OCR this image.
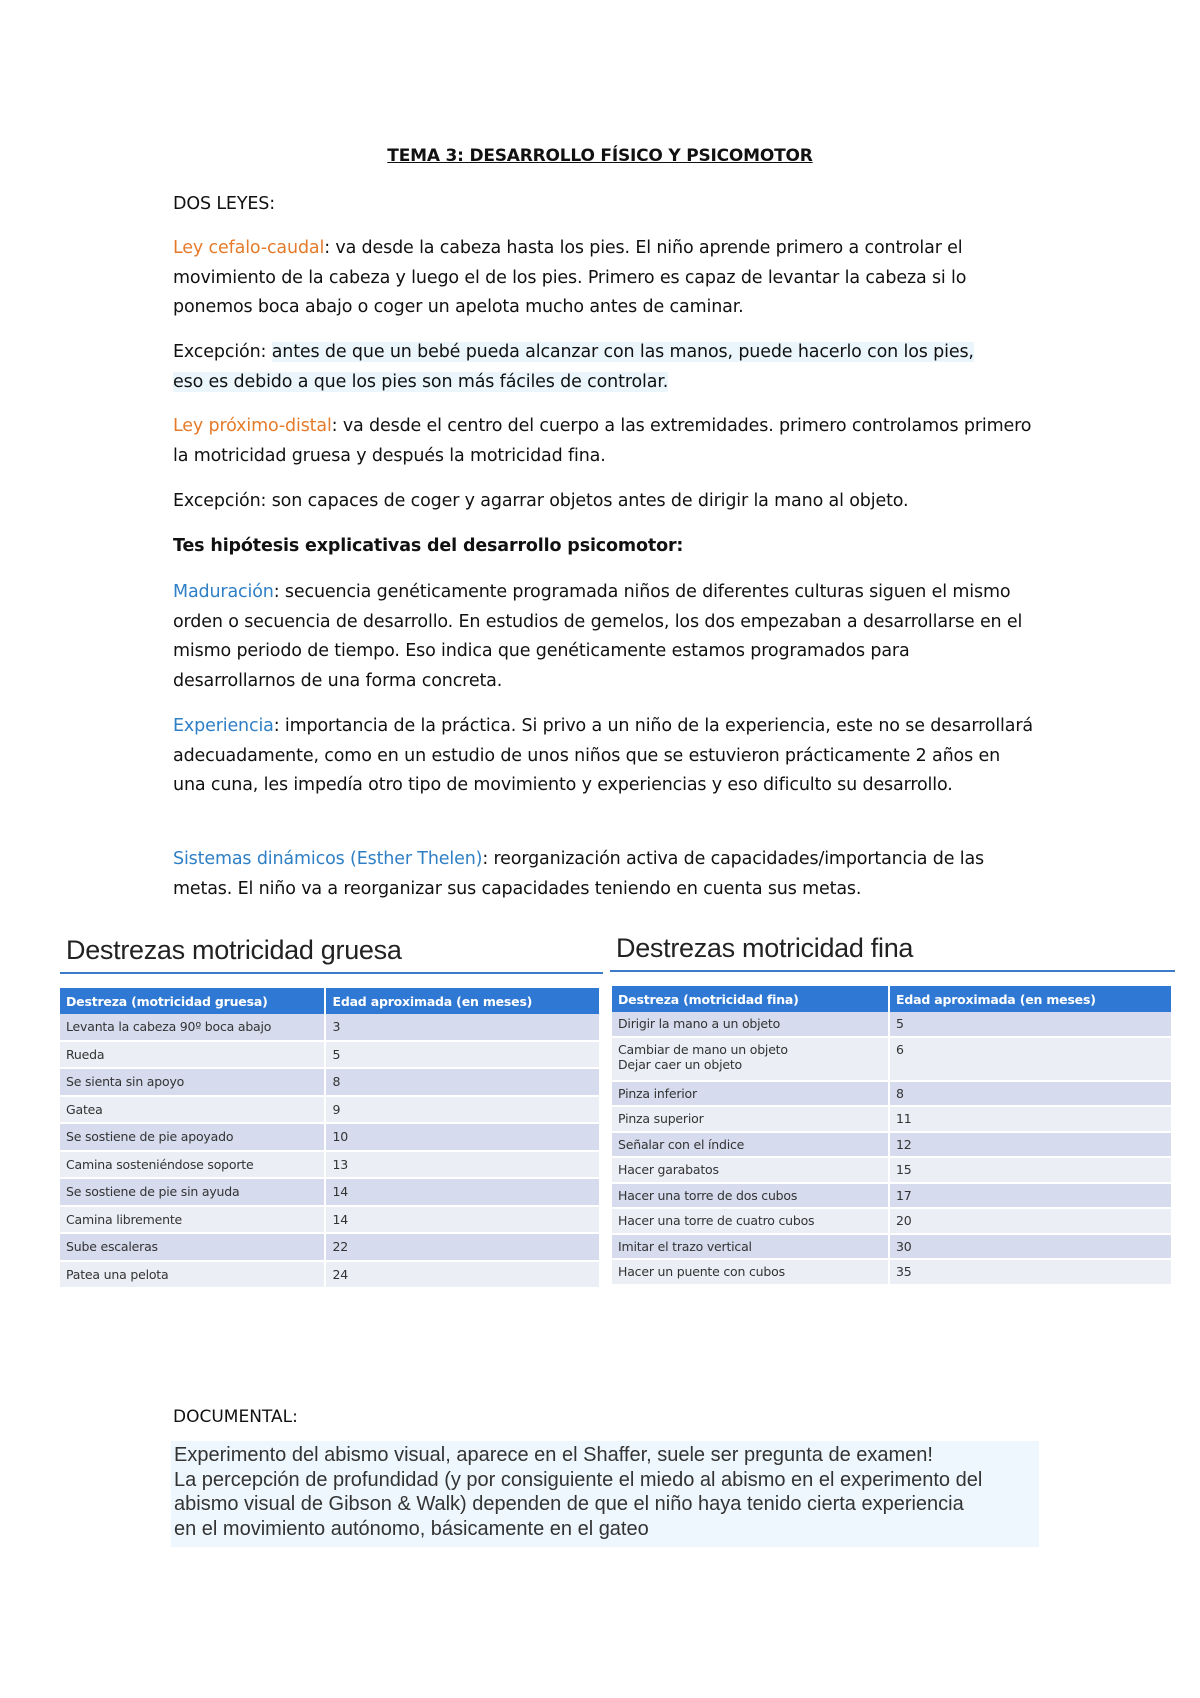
TEMA 3: DESARROLLO FÍSICO Y PSICOMOTOR
DOS LEYES:

Ley cefalo-caudal: va desde la cabeza hasta los pies. El niño aprende primero a controlar el movimiento de la cabeza y luego el de los pies. Primero es capaz de levantar la cabeza si lo ponemos boca abajo o coger un apelota mucho antes de caminar.

Excepción: antes de que un bebé pueda alcanzar con las manos, puede hacerlo con los pies,
eso es debido a que los pies son más fáciles de controlar.

Ley próximo-distal: va desde el centro del cuerpo a las extremidades. primero controlamos primero la motricidad gruesa y después la motricidad fina.

Excepción: son capaces de coger y agarrar objetos antes de dirigir la mano al objeto.
Tes hipótesis explicativas del desarrollo psicomotor:

Maduración: secuencia genéticamente programada niños de diferentes culturas siguen el mismo orden o secuencia de desarrollo. En estudios de gemelos, los dos empezaban a desarrollarse en el mismo periodo de tiempo. Eso indica que genéticamente estamos programados para desarrollarnos de una forma concreta.

Experiencia: importancia de la práctica. Si privo a un niño de la experiencia, este no se desarrollará adecuadamente, como en un estudio de unos niños que se estuvieron prácticamente 2 años en una cuna, les impedía otro tipo de movimiento y experiencias y eso dificulto su desarrollo.

Sistemas dinámicos (Esther Thelen): reorganización activa de capacidades/importancia de las metas. El niño va a reorganizar sus capacidades teniendo en cuenta sus metas.

Destrezas motricidad gruesa
Destreza (motricidad gruesa)	Edad aproximada (en meses)
Levanta la cabeza 90º boca abajo	3
Rueda	5
Se sienta sin apoyo	8
Gatea	9
Se sostiene de pie apoyado	10
Camina sosteniéndose soporte	13
Se sostiene de pie sin ayuda	14
Camina libremente	14
Sube escaleras	22
Patea una pelota	24
Destrezas motricidad fina
Destreza (motricidad fina)	Edad aproximada (en meses)
Dirigir la mano a un objeto	5
Cambiar de mano un objeto
Dejar caer un objeto	6
Pinza inferior	8
Pinza superior	11
Señalar con el índice	12
Hacer garabatos	15
Hacer una torre de dos cubos	17
Hacer una torre de cuatro cubos	20
Imitar el trazo vertical	30
Hacer un puente con cubos	35
DOCUMENTAL:
Experimento del abismo visual, aparece en el Shaffer, suele ser pregunta de examen!
La percepción de profundidad (y por consiguiente el miedo al abismo en el experimento del
abismo visual de Gibson & Walk) dependen de que el niño haya tenido cierta experiencia
en el movimiento autónomo, básicamente en el gateo
